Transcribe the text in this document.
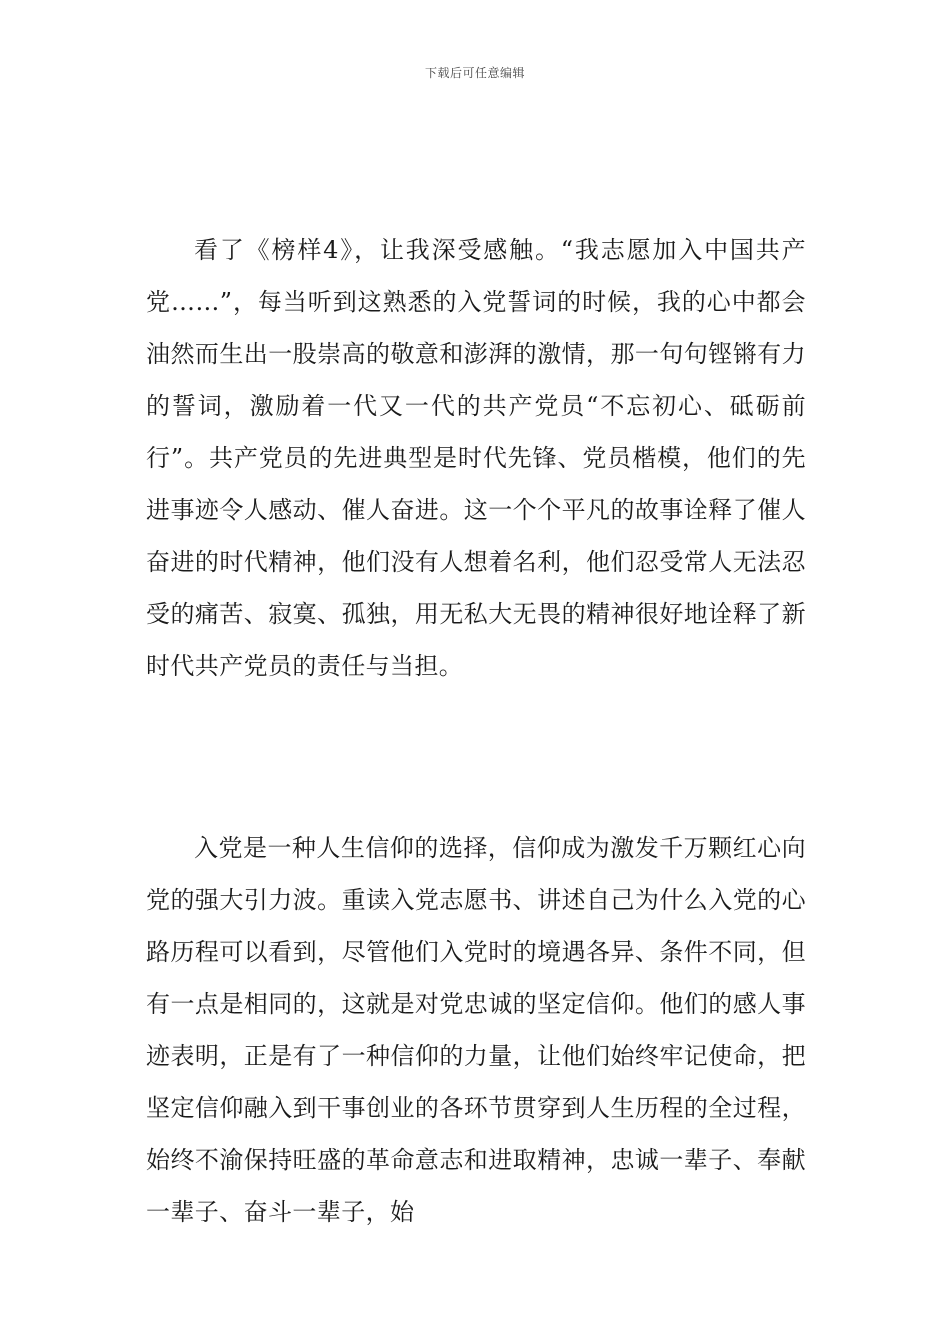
下载后可任意编辑

看了《榜样4》，让我深受感触。“我志愿加入中国共产党……”，每当听到这熟悉的入党誓词的时候，我的心中都会油然而生出一股崇高的敬意和澎湃的激情，那一句句铿锵有力的誓词，激励着一代又一代的共产党员“不忘初心、砥砺前行”。共产党员的先进典型是时代先锋、党员楷模，他们的先进事迹令人感动、催人奋进。这一个个平凡的故事诠释了催人奋进的时代精神，他们没有人想着名利，他们忍受常人无法忍受的痛苦、寂寞、孤独，用无私大无畏的精神很好地诠释了新时代共产党员的责任与当担。

入党是一种人生信仰的选择，信仰成为激发千万颗红心向党的强大引力波。重读入党志愿书、讲述自己为什么入党的心路历程可以看到，尽管他们入党时的境遇各异、条件不同，但有一点是相同的，这就是对党忠诚的坚定信仰。他们的感人事迹表明，正是有了一种信仰的力量，让他们始终牢记使命，把坚定信仰融入到干事创业的各环节贯穿到人生历程的全过程，始终不渝保持旺盛的革命意志和进取精神，忠诚一辈子、奉献一辈子、奋斗一辈子，始
